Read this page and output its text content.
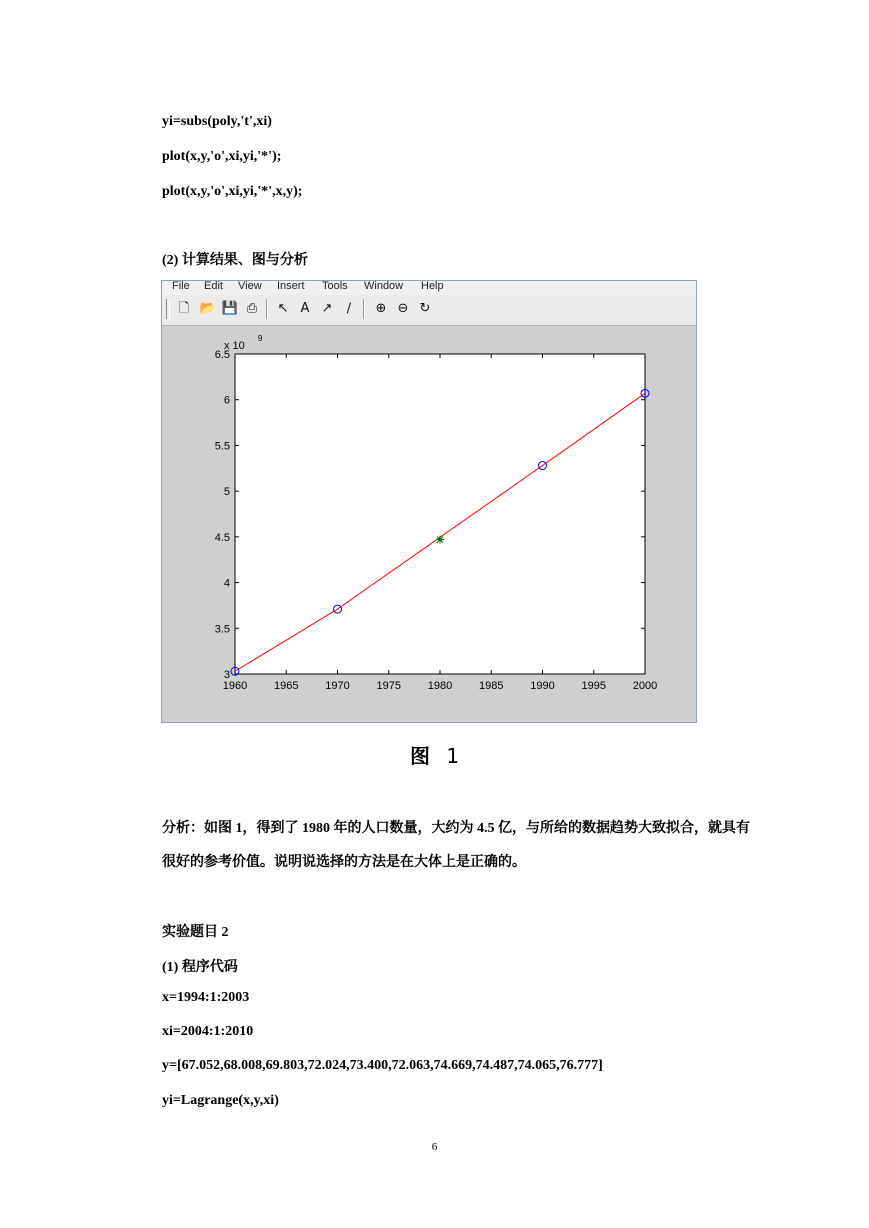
yi=subs(poly,'t',xi)
plot(x,y,'o',xi,yi,'*');
plot(x,y,'o',xi,yi,'*',x,y);
(2) 计算结果、图与分析
File Edit View Insert Tools Window Help
🗋 📂 💾 ⎙ ↖ A ↗	∕	⊕ ⊖ ↻
x 10
9
1960 1965 1970 1975 1980 1985 1990 1995 2000
3
3.5
4
4.5
5
5.5
6
6.5
图 1
分析：如图 1，得到了 1980 年的人口数量，大约为 4.5 亿，与所给的数据趋势大致拟合，就具有很好的参考价值。说明说选择的方法是在大体上是正确的。
实验题目 2
(1) 程序代码
x=1994:1:2003
xi=2004:1:2010
y=[67.052,68.008,69.803,72.024,73.400,72.063,74.669,74.487,74.065,76.777]
yi=Lagrange(x,y,xi)
6
